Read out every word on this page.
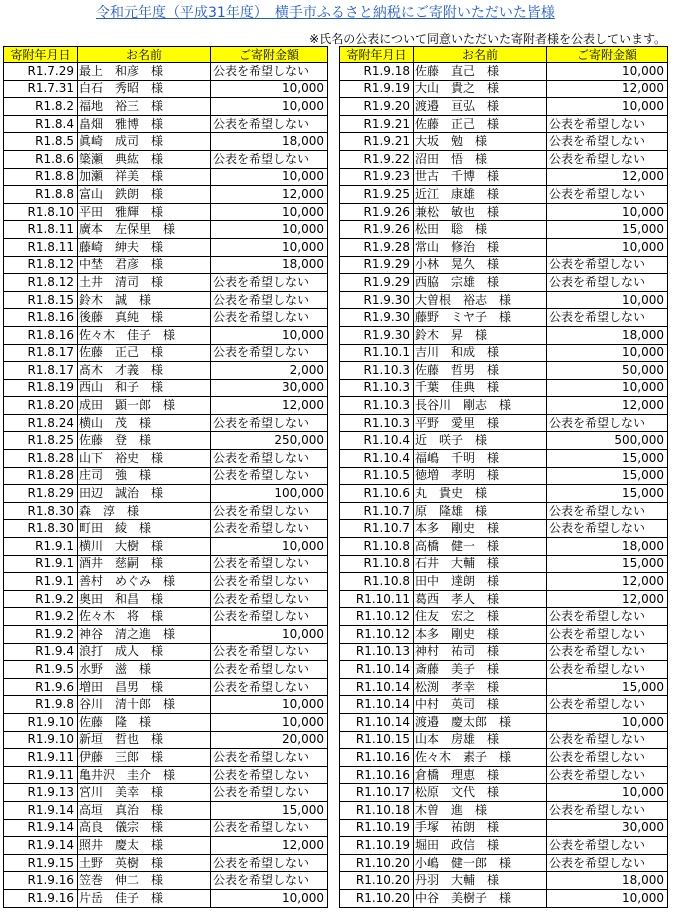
令和元年度（平成31年度）　横手市ふるさと納税にご寄附いただいた皆様
※氏名の公表について同意いただいた寄附者様を公表しています。
寄附年月日	お名前	ご寄附金額
R1.7.29	最上　和彦　様	公表を希望しない
R1.7.31	白石　秀昭　様	10,000
R1.8.2	福地　裕三　様	10,000
R1.8.4	畠畑　雅博　様	公表を希望しない
R1.8.5	眞崎　成司　様	18,000
R1.8.6	簗瀬　典紘　様	公表を希望しない
R1.8.8	加瀬　祥美　様	10,000
R1.8.8	富山　鉄朗　様	12,000
R1.8.10	平田　雅輝　様	10,000
R1.8.11	廣本　左保里　様	10,000
R1.8.11	藤崎　紳夫　様	10,000
R1.8.12	中埜　君彦　様	18,000
R1.8.12	土井　清司　様	公表を希望しない
R1.8.15	鈴木　誠　様	公表を希望しない
R1.8.16	後藤　真純　様	公表を希望しない
R1.8.16	佐々木　佳子　様	10,000
R1.8.17	佐藤　正己　様	公表を希望しない
R1.8.17	髙木　才義　様	2,000
R1.8.19	西山　和子　様	30,000
R1.8.20	成田　顕一郎　様	12,000
R1.8.24	横山　茂　様	公表を希望しない
R1.8.25	佐藤　登　様	250,000
R1.8.28	山下　裕史　様	公表を希望しない
R1.8.28	庄司　強　様	公表を希望しない
R1.8.29	田辺　誠治　様	100,000
R1.8.30	森　淳　様	公表を希望しない
R1.8.30	町田　綾　様	公表を希望しない
R1.9.1	横川　大樹　様	10,000
R1.9.1	酒井　慈嗣　様	公表を希望しない
R1.9.1	善村　めぐみ　様	公表を希望しない
R1.9.2	奥田　和昌　様	公表を希望しない
R1.9.2	佐々木　将　様	公表を希望しない
R1.9.2	神谷　清之進　様	10,000
R1.9.4	浪打　成人　様	公表を希望しない
R1.9.5	水野　滋　様	公表を希望しない
R1.9.6	増田　昌男　様	公表を希望しない
R1.9.8	谷川　清十郎　様	10,000
R1.9.10	佐藤　隆　様	10,000
R1.9.10	新垣　哲也　様	20,000
R1.9.11	伊藤　三郎　様	公表を希望しない
R1.9.11	亀井沢　圭介　様	公表を希望しない
R1.9.13	宮川　美幸　様	公表を希望しない
R1.9.14	高垣　真治　様	15,000
R1.9.14	高良　儀宗　様	公表を希望しない
R1.9.14	照井　慶太　様	12,000
R1.9.15	土野　英樹　様	公表を希望しない
R1.9.16	笠巻　伸二　様	公表を希望しない
R1.9.16	片岳　佳子　様	10,000
寄附年月日	お名前	ご寄附金額
R1.9.18	佐藤　直己　様	10,000
R1.9.19	大山　貴之　様	12,000
R1.9.20	渡邉　亘弘　様	10,000
R1.9.21	佐藤　正己　様	公表を希望しない
R1.9.21	大坂　勉　様	公表を希望しない
R1.9.22	沼田　悟　様	公表を希望しない
R1.9.23	世古　千博　様	12,000
R1.9.25	近江　康雄　様	公表を希望しない
R1.9.26	兼松　敏也　様	10,000
R1.9.26	松田　聡　様	15,000
R1.9.28	常山　修治　様	10,000
R1.9.29	小林　晃久　様	公表を希望しない
R1.9.29	西脇　宗雄　様	公表を希望しない
R1.9.30	大曽根　裕志　様	10,000
R1.9.30	藤野　ミヤ子　様	公表を希望しない
R1.9.30	鈴木　昇　様	18,000
R1.10.1	吉川　和成　様	10,000
R1.10.3	佐藤　哲男　様	50,000
R1.10.3	千葉　佳典　様	10,000
R1.10.3	長谷川　剛志　様	12,000
R1.10.3	平野　愛里　様	公表を希望しない
R1.10.4	近　咲子　様	500,000
R1.10.4	福嶋　千明　様	15,000
R1.10.5	徳増　孝明　様	15,000
R1.10.6	丸　貴史　様	15,000
R1.10.7	原　隆雄　様	公表を希望しない
R1.10.7	本多　剛史　様	公表を希望しない
R1.10.8	高橋　健一　様	18,000
R1.10.8	石井　大輔　様	15,000
R1.10.8	田中　達朗　様	12,000
R1.10.11	葛西　孝人　様	12,000
R1.10.12	住友　宏之　様	公表を希望しない
R1.10.12	本多　剛史　様	公表を希望しない
R1.10.13	神村　祐司　様	公表を希望しない
R1.10.14	斎藤　美子　様	公表を希望しない
R1.10.14	松渕　孝幸　様	15,000
R1.10.14	中村　英司　様	公表を希望しない
R1.10.14	渡邉　慶太郎　様	10,000
R1.10.15	山本　房雄　様	公表を希望しない
R1.10.16	佐々木　素子　様	公表を希望しない
R1.10.16	倉橋　理恵　様	公表を希望しない
R1.10.17	松原　文代　様	10,000
R1.10.18	木曽　進　様	公表を希望しない
R1.10.19	手塚　祐朗　様	30,000
R1.10.19	堀田　政信　様	公表を希望しない
R1.10.20	小嶋　健一郎　様	公表を希望しない
R1.10.20	丹羽　大輔　様	18,000
R1.10.20	中谷　美樹子　様	10,000
